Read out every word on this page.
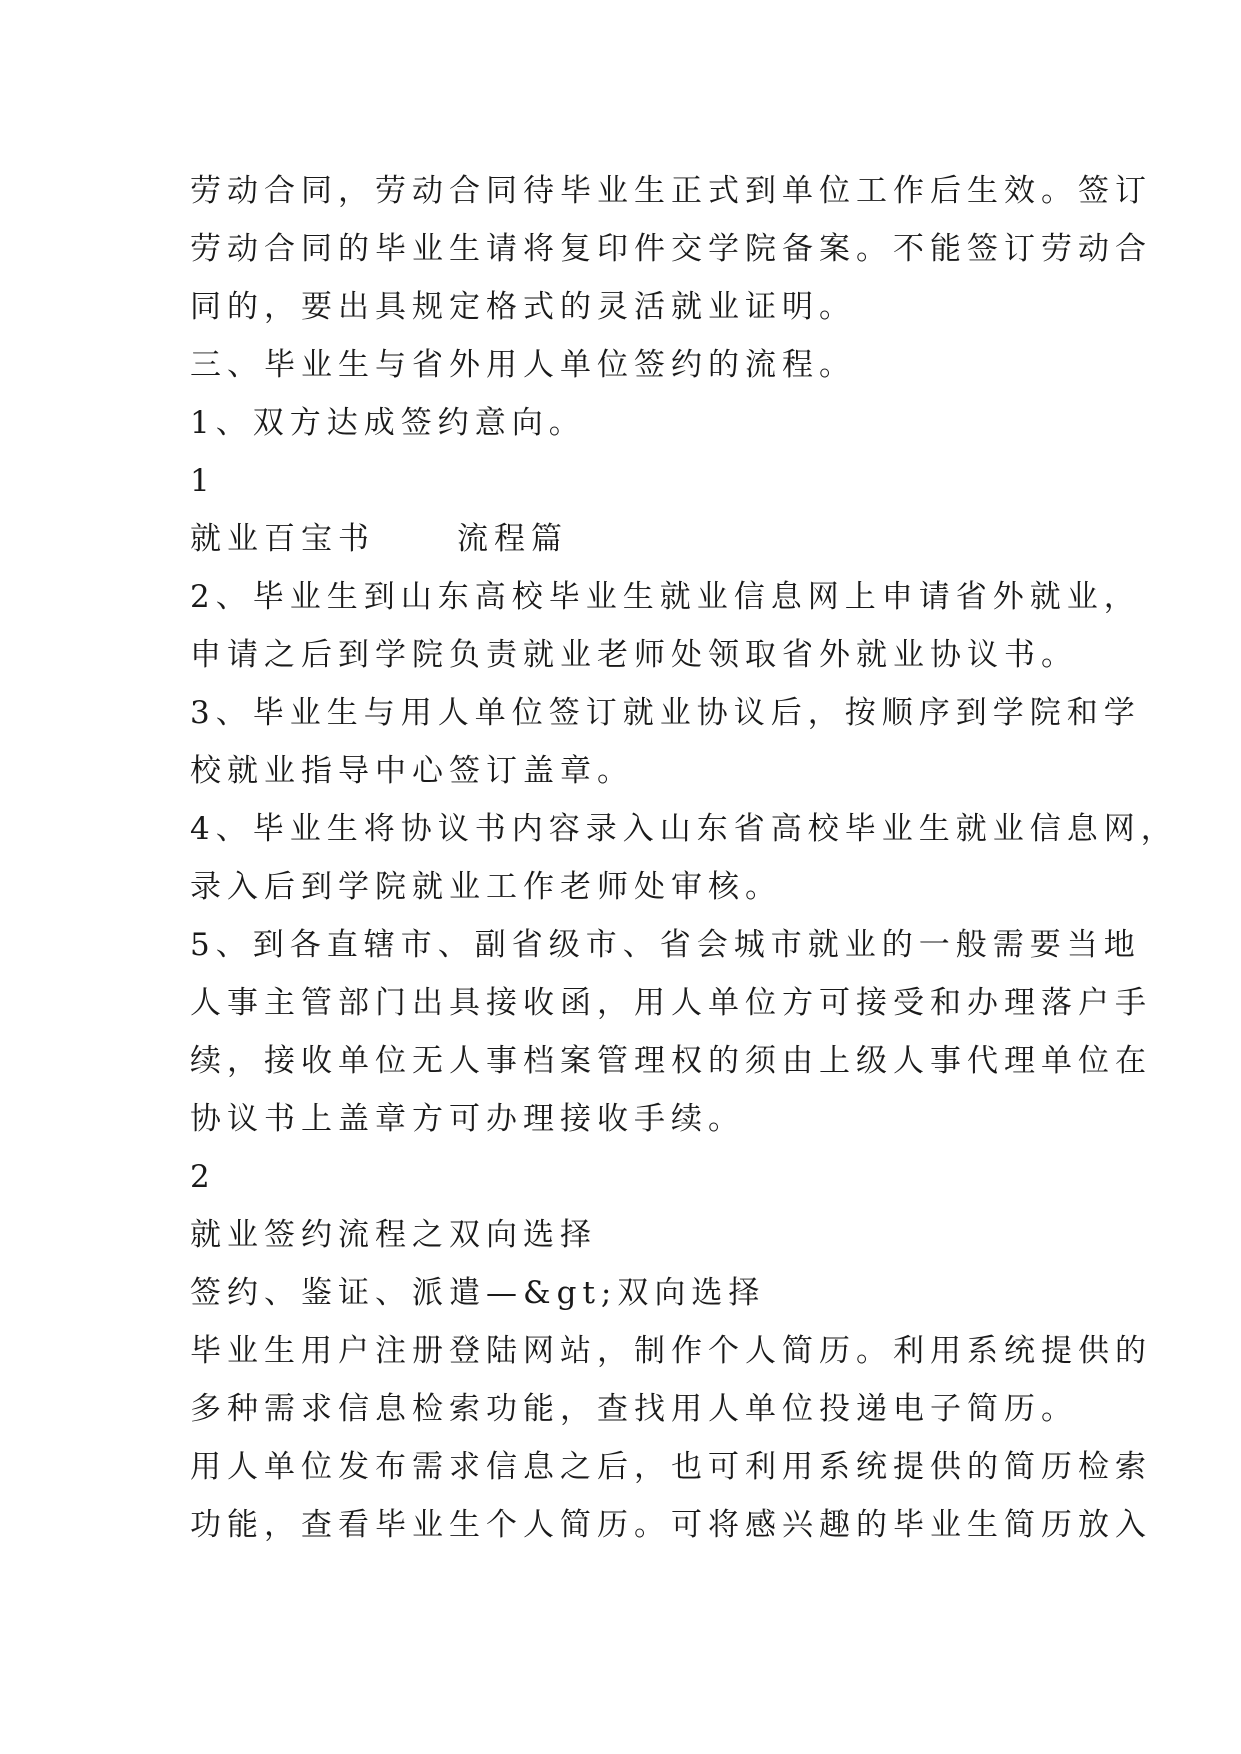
劳动合同，劳动合同待毕业生正式到单位工作后生效。签订
劳动合同的毕业生请将复印件交学院备案。不能签订劳动合
同的，要出具规定格式的灵活就业证明。
三、毕业生与省外用人单位签约的流程。
1、双方达成签约意向。
1
就业百宝书	流程篇
2、毕业生到山东高校毕业生就业信息网上申请省外就业，
申请之后到学院负责就业老师处领取省外就业协议书。
3、毕业生与用人单位签订就业协议后，按顺序到学院和学
校就业指导中心签订盖章。
4、毕业生将协议书内容录入山东省高校毕业生就业信息网，
录入后到学院就业工作老师处审核。
5、到各直辖市、副省级市、省会城市就业的一般需要当地
人事主管部门出具接收函，用人单位方可接受和办理落户手
续，接收单位无人事档案管理权的须由上级人事代理单位在
协议书上盖章方可办理接收手续。
2
就业签约流程之双向选择
签约、鉴证、派遣—&gt;双向选择
毕业生用户注册登陆网站，制作个人简历。利用系统提供的
多种需求信息检索功能，查找用人单位投递电子简历。
用人单位发布需求信息之后，也可利用系统提供的简历检索
功能，查看毕业生个人简历。可将感兴趣的毕业生简历放入
